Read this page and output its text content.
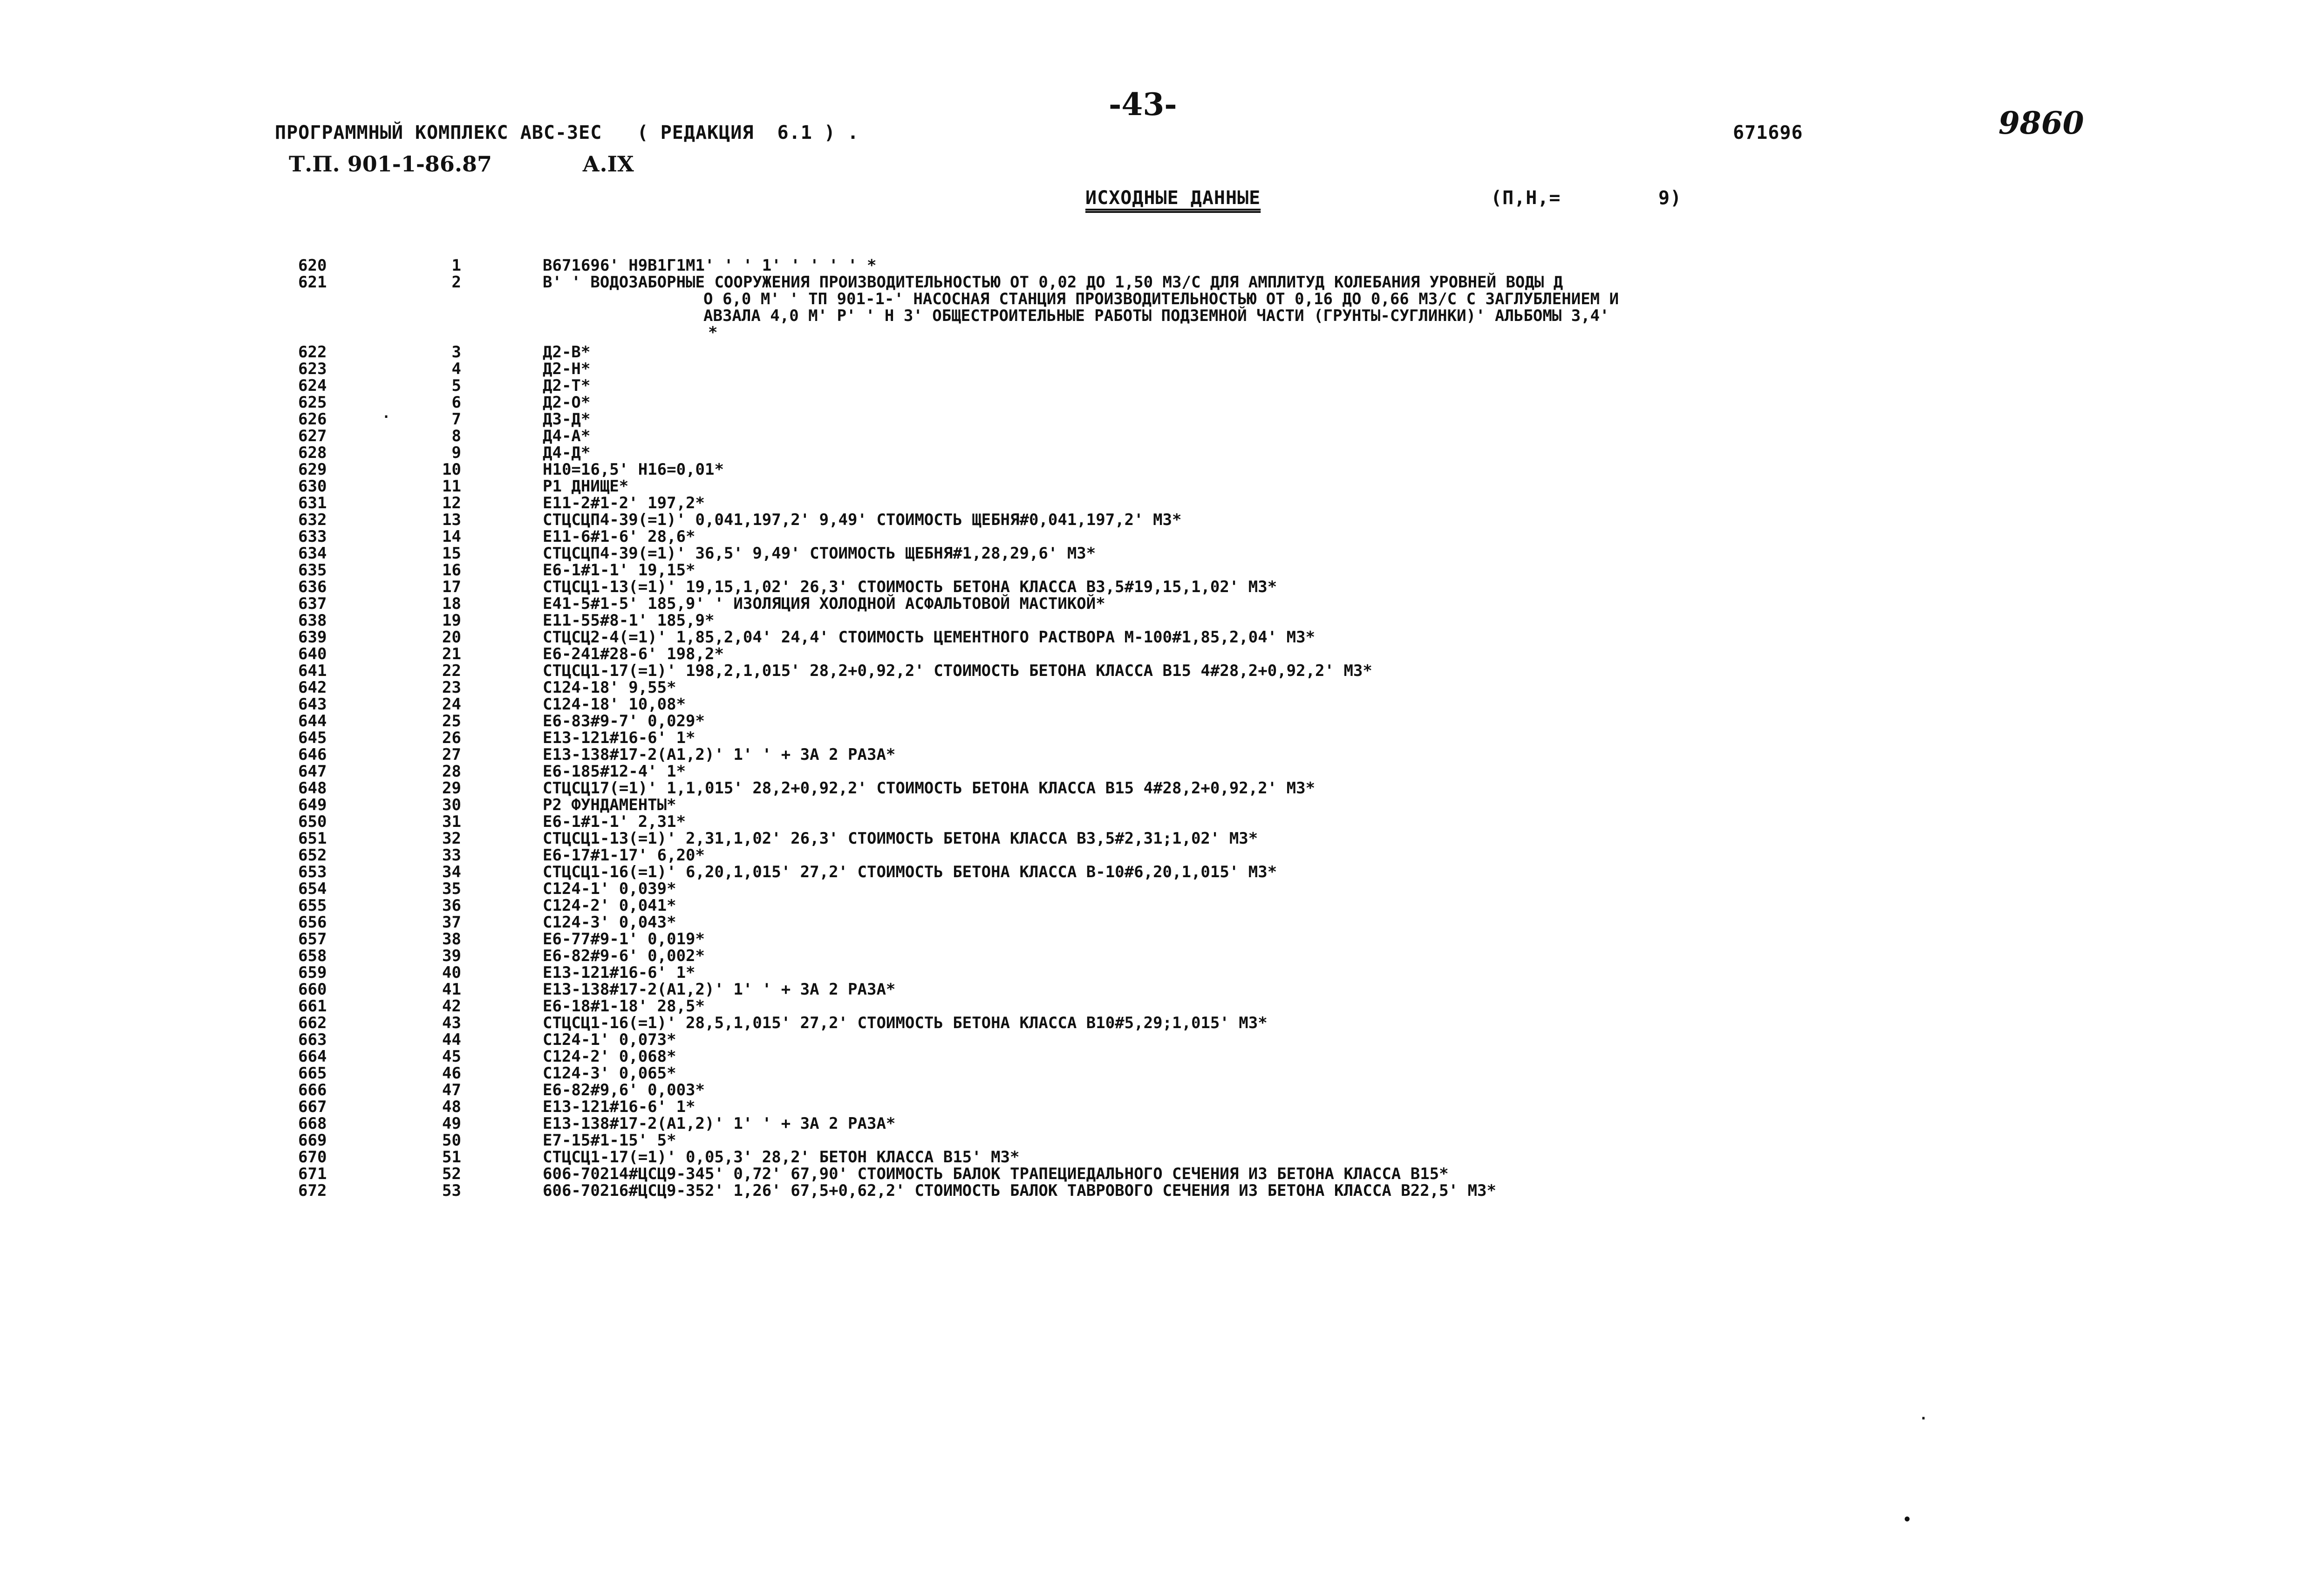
-43-
ПРОГРАММНЫЙ КОМПЛЕКС АВС-ЗЕС   ( РЕДАКЦИЯ  6.1 ) .	671696	9860
Т.П. 901-1-86.87	А.IХ
ИСХОДНЫЕ ДАННЫЕ	(П,Н,=	9)
620	1	В671696' Н9В1Г1М1' ' ' 1' ' ' ' ' *
621	2	В' ' ВОДОЗАБОРНЫЕ СООРУЖЕНИЯ ПРОИЗВОДИТЕЛЬНОСТЬЮ ОТ 0,02 ДО 1,50 М3/С ДЛЯ АМПЛИТУД КОЛЕБАНИЯ УРОВНЕЙ ВОДЫ Д
О 6,0 М' ' ТП 901-1-' НАСОСНАЯ СТАНЦИЯ ПРОИЗВОДИТЕЛЬНОСТЬЮ ОТ 0,16 ДО 0,66 М3/С С ЗАГЛУБЛЕНИЕМ И
АВЗАЛА 4,0 М' Р' ' Н 3' ОБЩЕСТРОИТЕЛЬНЫЕ РАБОТЫ ПОДЗЕМНОЙ ЧАСТИ (ГРУНТЫ-СУГЛИНКИ)' АЛЬБОМЫ 3,4'
*
622	3	Д2-В*
623	4	Д2-Н*
624	5	Д2-Т*
625	6	Д2-О*
626	7	Д3-Д*
627	8	Д4-А*
628	9	Д4-Д*
629	10	Н10=16,5' Н16=0,01*
630	11	Р1 ДНИЩЕ*
631	12	Е11-2#1-2' 197,2*
632	13	СТЦСЦП4-39(=1)' 0,041,197,2' 9,49' СТОИМОСТЬ ЩЕБНЯ#0,041,197,2' М3*
633	14	Е11-6#1-6' 28,6*
634	15	СТЦСЦП4-39(=1)' 36,5' 9,49' СТОИМОСТЬ ЩЕБНЯ#1,28,29,6' М3*
635	16	Е6-1#1-1' 19,15*
636	17	СТЦСЦ1-13(=1)' 19,15,1,02' 26,3' СТОИМОСТЬ БЕТОНА КЛАССА В3,5#19,15,1,02' М3*
637	18	Е41-5#1-5' 185,9' ' ИЗОЛЯЦИЯ ХОЛОДНОЙ АСФАЛЬТОВОЙ МАСТИКОЙ*
638	19	Е11-55#8-1' 185,9*
639	20	СТЦСЦ2-4(=1)' 1,85,2,04' 24,4' СТОИМОСТЬ ЦЕМЕНТНОГО РАСТВОРА М-100#1,85,2,04' М3*
640	21	Е6-241#28-6' 198,2*
641	22	СТЦСЦ1-17(=1)' 198,2,1,015' 28,2+0,92,2' СТОИМОСТЬ БЕТОНА КЛАССА В15 4#28,2+0,92,2' М3*
642	23	С124-18' 9,55*
643	24	С124-18' 10,08*
644	25	Е6-83#9-7' 0,029*
645	26	Е13-121#16-6' 1*
646	27	Е13-138#17-2(А1,2)' 1' ' + ЗА 2 РАЗА*
647	28	Е6-185#12-4' 1*
648	29	СТЦСЦ17(=1)' 1,1,015' 28,2+0,92,2' СТОИМОСТЬ БЕТОНА КЛАССА В15 4#28,2+0,92,2' М3*
649	30	Р2 ФУНДАМЕНТЫ*
650	31	Е6-1#1-1' 2,31*
651	32	СТЦСЦ1-13(=1)' 2,31,1,02' 26,3' СТОИМОСТЬ БЕТОНА КЛАССА В3,5#2,31;1,02' М3*
652	33	Е6-17#1-17' 6,20*
653	34	СТЦСЦ1-16(=1)' 6,20,1,015' 27,2' СТОИМОСТЬ БЕТОНА КЛАССА В-10#6,20,1,015' М3*
654	35	С124-1' 0,039*
655	36	С124-2' 0,041*
656	37	С124-3' 0,043*
657	38	Е6-77#9-1' 0,019*
658	39	Е6-82#9-6' 0,002*
659	40	Е13-121#16-6' 1*
660	41	Е13-138#17-2(А1,2)' 1' ' + ЗА 2 РАЗА*
661	42	Е6-18#1-18' 28,5*
662	43	СТЦСЦ1-16(=1)' 28,5,1,015' 27,2' СТОИМОСТЬ БЕТОНА КЛАССА В10#5,29;1,015' М3*
663	44	С124-1' 0,073*
664	45	С124-2' 0,068*
665	46	С124-3' 0,065*
666	47	Е6-82#9,6' 0,003*
667	48	Е13-121#16-6' 1*
668	49	Е13-138#17-2(А1,2)' 1' ' + ЗА 2 РАЗА*
669	50	Е7-15#1-15' 5*
670	51	СТЦСЦ1-17(=1)' 0,05,3' 28,2' БЕТОН КЛАССА В15' М3*
671	52	606-70214#ЦСЦ9-345' 0,72' 67,90' СТОИМОСТЬ БАЛОК ТРАПЕЦИЕДАЛЬНОГО СЕЧЕНИЯ ИЗ БЕТОНА КЛАССА В15*
672	53	606-70216#ЦСЦ9-352' 1,26' 67,5+0,62,2' СТОИМОСТЬ БАЛОК ТАВРОВОГО СЕЧЕНИЯ ИЗ БЕТОНА КЛАССА В22,5' М3*
.
.
•
